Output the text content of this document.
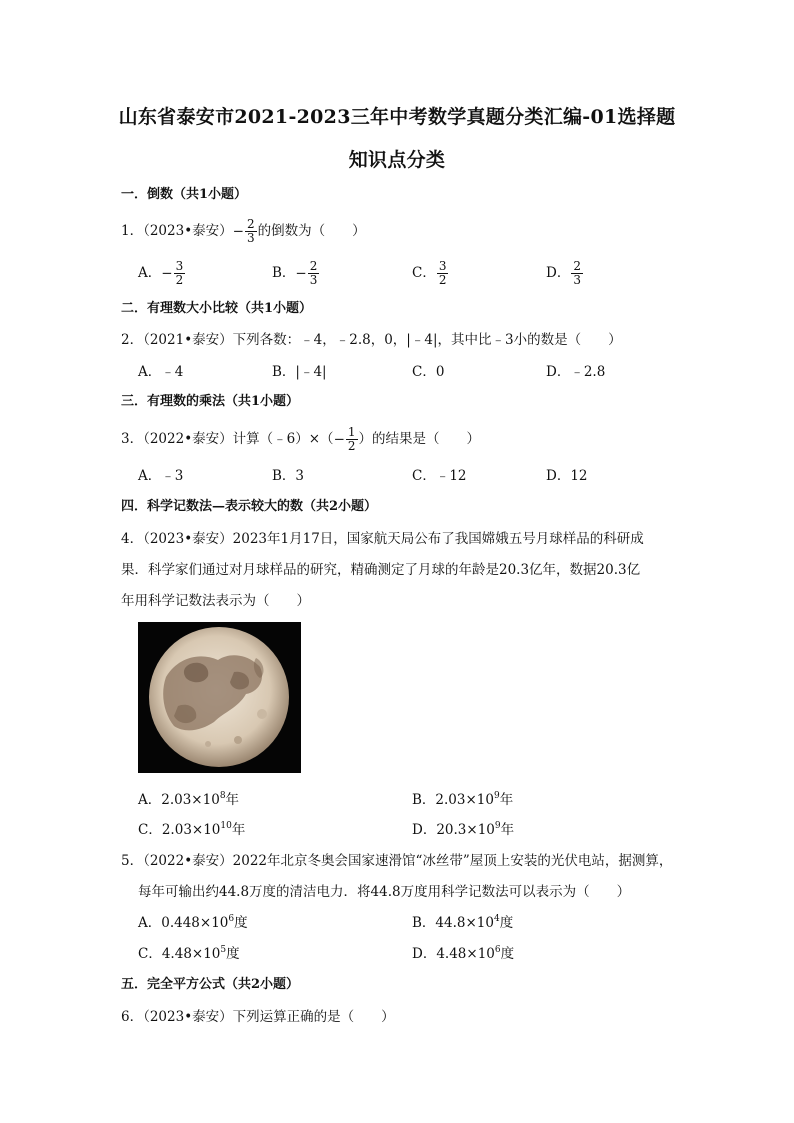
山东省泰安市2021-2023三年中考数学真题分类汇编-01选择题
知识点分类
一．倒数（共1小题）
1．（2023•泰安）− $\frac{2}{3}$ 的倒数为（　　）
A．− $\frac{3}{2}$	B．− $\frac{2}{3}$	C． $\frac{3}{2}$	D． $\frac{2}{3}$
二．有理数大小比较（共1小题）
2．（2021•泰安）下列各数：﹣4，﹣2.8，0，|﹣4|，其中比﹣3小的数是（　　）
A．﹣4	B．|﹣4|	C．0	D．﹣2.8
三．有理数的乘法（共1小题）
3．（2022•泰安）计算（﹣6）×（− $\frac{1}{2}$ ）的结果是（　　）
A．﹣3	B．3	C．﹣12	D．12
四．科学记数法—表示较大的数（共2小题）
4．（2023•泰安）2023年1月17日，国家航天局公布了我国嫦娥五号月球样品的科研成
果．科学家们通过对月球样品的研究，精确测定了月球的年龄是20.3亿年，数据20.3亿
年用科学记数法表示为（　　）
A．$2.03\times 10^8$年	B．$2.03\times 10^9$年
C．$2.03\times 10^{10}$年	D．$20.3\times 10^9$年
5．（2022•泰安）2022年北京冬奥会国家速滑馆“冰丝带”屋顶上安装的光伏电站，据测算，
每年可输出约44.8万度的清洁电力．将44.8万度用科学记数法可以表示为（　　）
A．$0.448\times 10^6$度	B．$44.8\times 10^4$度
C．$4.48\times 10^5$度	D．$4.48\times 10^6$度
五．完全平方公式（共2小题）
6．（2023•泰安）下列运算正确的是（　　）
